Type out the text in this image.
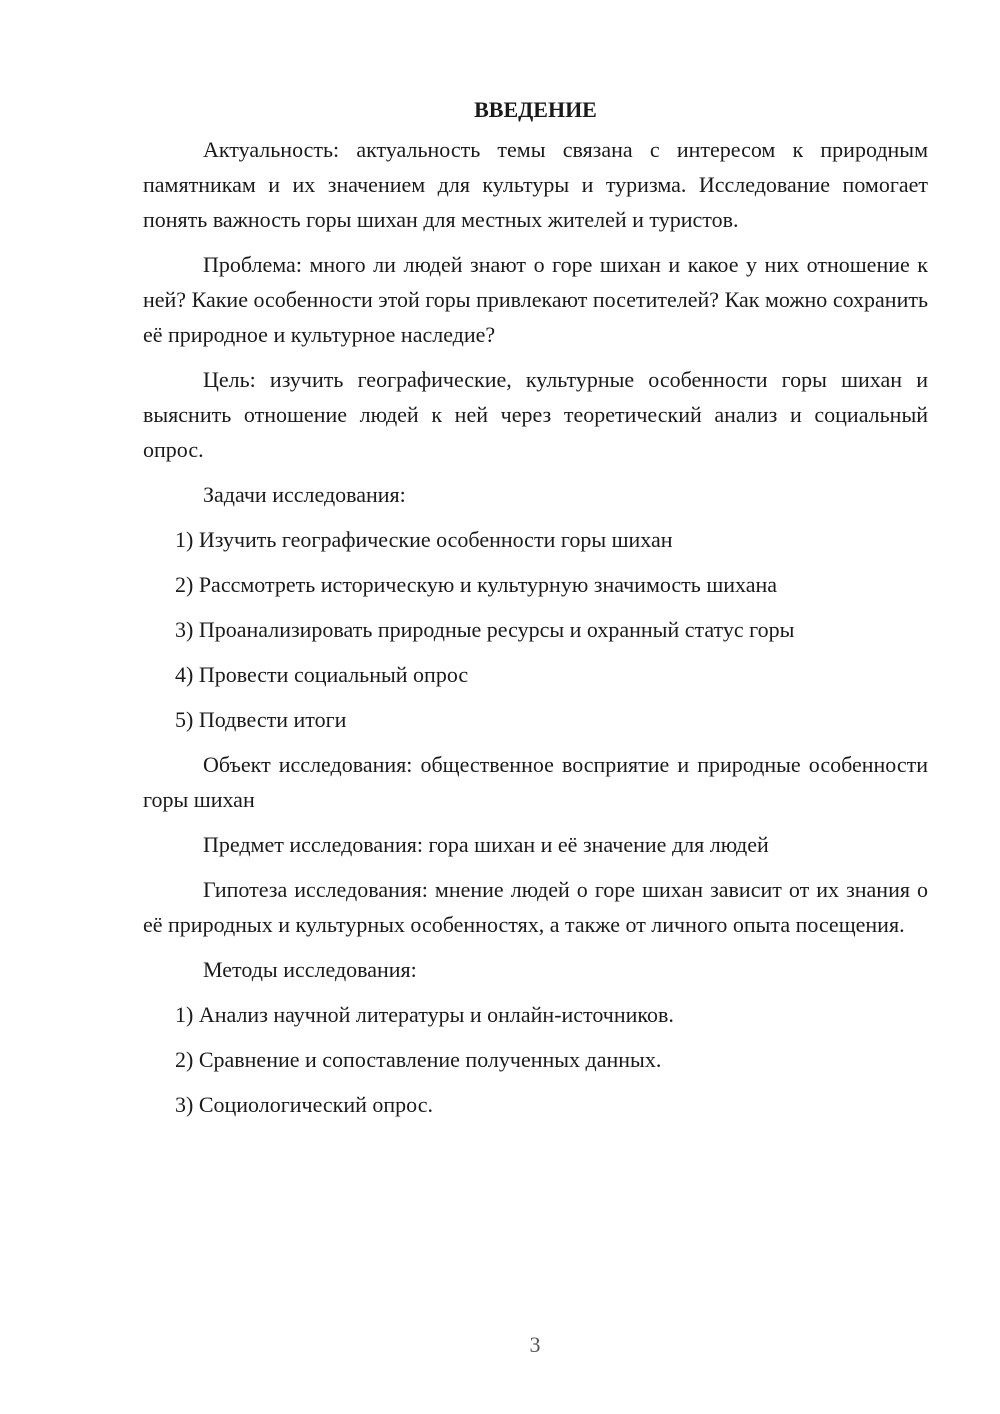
ВВЕДЕНИЕ

Актуальность: актуальность темы связана с интересом к природным памятникам и их значением для культуры и туризма. Исследование помогает понять важность горы шихан для местных жителей и туристов.

Проблема: много ли людей знают о горе шихан и какое у них отношение к ней? Какие особенности этой горы привлекают посетителей? Как можно сохранить её природное и культурное наследие?

Цель: изучить географические, культурные особенности горы шихан и выяснить отношение людей к ней через теоретический анализ и социальный опрос.

Задачи исследования:

1) Изучить географические особенности горы шихан
2) Рассмотреть историческую и культурную значимость шихана
3) Проанализировать природные ресурсы и охранный статус горы
4) Провести социальный опрос
5) Подвести итоги

Объект исследования: общественное восприятие и природные особенности горы шихан

Предмет исследования: гора шихан и её значение для людей

Гипотеза исследования: мнение людей о горе шихан зависит от их знания о её природных и культурных особенностях, а также от личного опыта посещения.

Методы исследования:

1) Анализ научной литературы и онлайн-источников.
2) Сравнение и сопоставление полученных данных.
3) Социологический опрос.
3
